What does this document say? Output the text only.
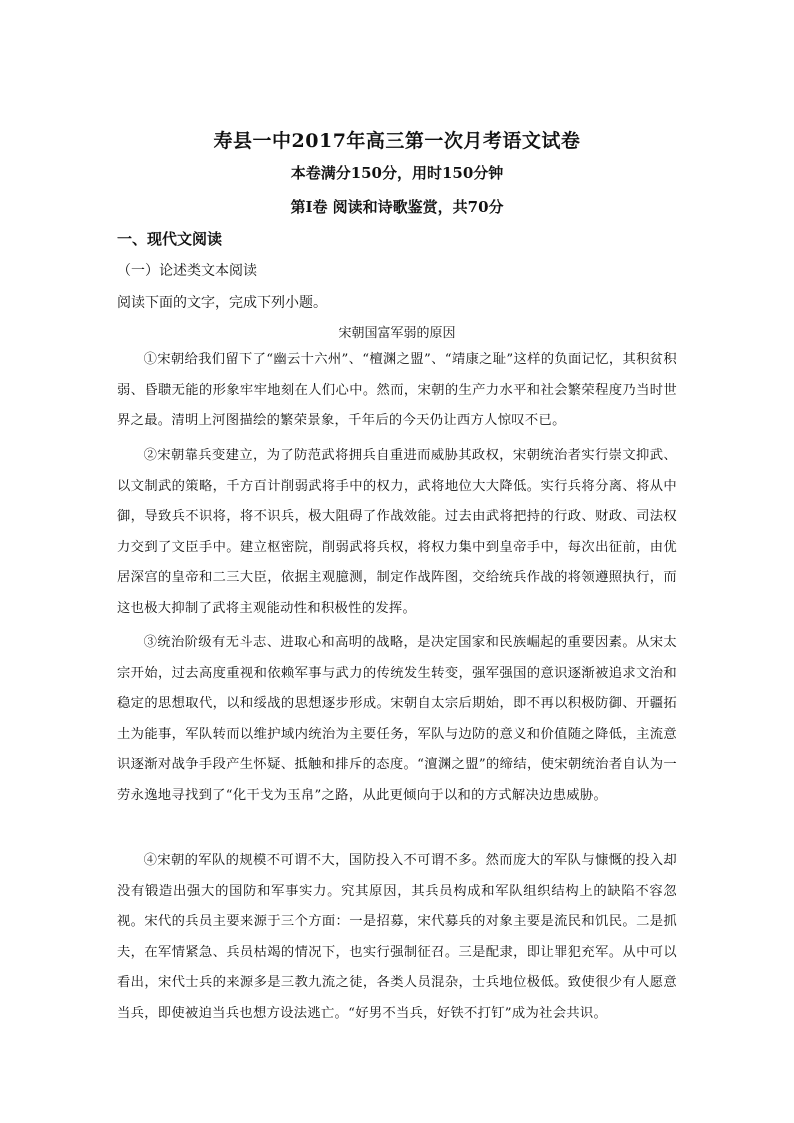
寿县一中2017年高三第一次月考语文试卷
本卷满分150分，用时150分钟
第I卷 阅读和诗歌鉴赏，共70分
一、现代文阅读
（一）论述类文本阅读
阅读下面的文字，完成下列小题。
宋朝国富军弱的原因
①宋朝给我们留下了“幽云十六州”、“檀渊之盟”、“靖康之耻”这样的负面记忆，其积贫积弱、昏聩无能的形象牢牢地刻在人们心中。然而，宋朝的生产力水平和社会繁荣程度乃当时世界之最。清明上河图描绘的繁荣景象，千年后的今天仍让西方人惊叹不已。
②宋朝靠兵变建立，为了防范武将拥兵自重进而威胁其政权，宋朝统治者实行崇文抑武、以文制武的策略，千方百计削弱武将手中的权力，武将地位大大降低。实行兵将分离、将从中御，导致兵不识将，将不识兵，极大阻碍了作战效能。过去由武将把持的行政、财政、司法权力交到了文臣手中。建立枢密院，削弱武将兵权，将权力集中到皇帝手中，每次出征前，由优居深宫的皇帝和二三大臣，依据主观臆测，制定作战阵图，交给统兵作战的将领遵照执行，而这也极大抑制了武将主观能动性和积极性的发挥。
③统治阶级有无斗志、进取心和高明的战略，是决定国家和民族崛起的重要因素。从宋太宗开始，过去高度重视和依赖军事与武力的传统发生转变，强军强国的意识逐渐被追求文治和稳定的思想取代，以和绥战的思想逐步形成。宋朝自太宗后期始，即不再以积极防御、开疆拓土为能事，军队转而以维护域内统治为主要任务，军队与边防的意义和价值随之降低，主流意识逐渐对战争手段产生怀疑、抵触和排斥的态度。“澶渊之盟”的缔结，使宋朝统治者自认为一劳永逸地寻找到了“化干戈为玉帛”之路，从此更倾向于以和的方式解决边患威胁。
④宋朝的军队的规模不可谓不大，国防投入不可谓不多。然而庞大的军队与慷慨的投入却没有锻造出强大的国防和军事实力。究其原因，其兵员构成和军队组织结构上的缺陷不容忽视。宋代的兵员主要来源于三个方面：一是招募，宋代募兵的对象主要是流民和饥民。二是抓夫，在军情紧急、兵员枯竭的情况下，也实行强制征召。三是配隶，即让罪犯充军。从中可以看出，宋代士兵的来源多是三教九流之徒，各类人员混杂，士兵地位极低。致使很少有人愿意当兵，即使被迫当兵也想方设法逃亡。“好男不当兵，好铁不打钉”成为社会共识。
